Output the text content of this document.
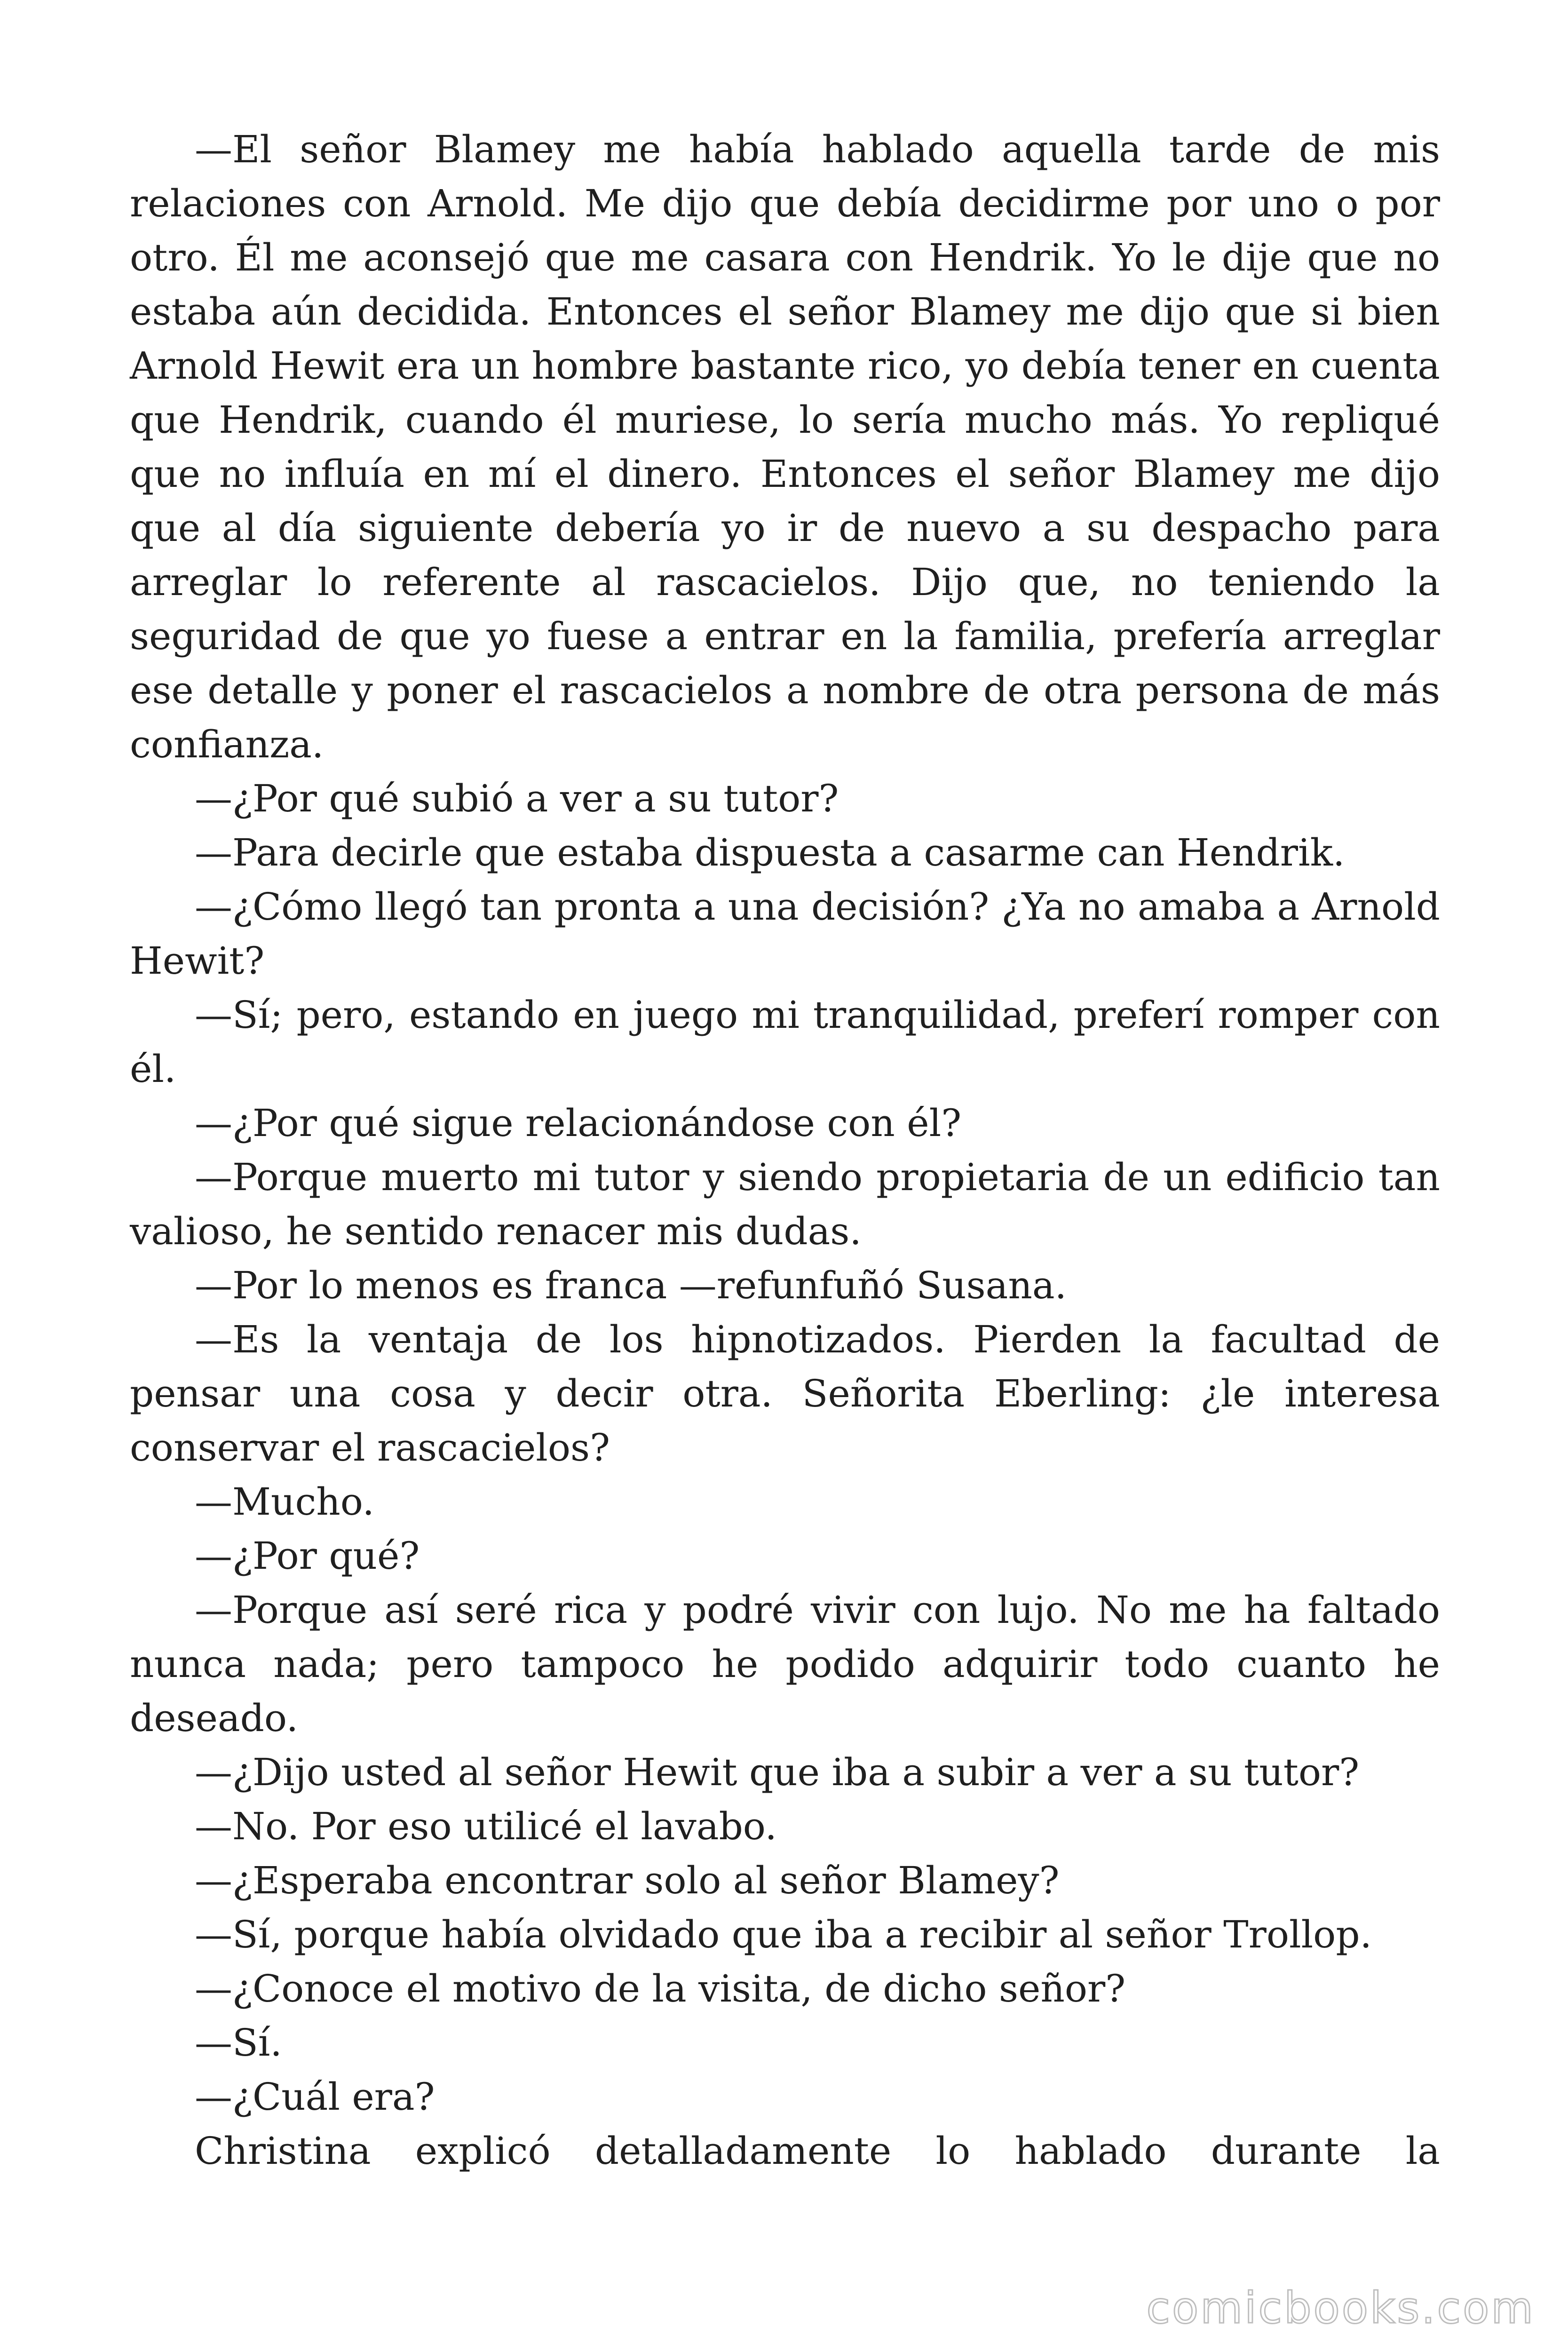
—El señor Blamey me había hablado aquella tarde de mis relaciones con Arnold. Me dijo que debía decidirme por uno o por otro. Él me aconsejó que me casara con Hendrik. Yo le dije que no estaba aún decidida. Entonces el señor Blamey me dijo que si bien Arnold Hewit era un hombre bastante rico, yo debía tener en cuenta que Hendrik, cuando él muriese, lo sería mucho más. Yo repliqué que no influía en mí el dinero. Entonces el señor Blamey me dijo que al día siguiente debería yo ir de nuevo a su despacho para arreglar lo referente al rascacielos. Dijo que, no teniendo la seguridad de que yo fuese a entrar en la familia, prefería arreglar ese detalle y poner el rascacielos a nombre de otra persona de más confianza.

—¿Por qué subió a ver a su tutor?

—Para decirle que estaba dispuesta a casarme can Hendrik.

—¿Cómo llegó tan pronta a una decisión? ¿Ya no amaba a Arnold Hewit?

—Sí; pero, estando en juego mi tranquilidad, preferí romper con él.

—¿Por qué sigue relacionándose con él?

—Porque muerto mi tutor y siendo propietaria de un edificio tan valioso, he sentido renacer mis dudas.

—Por lo menos es franca —refunfuñó Susana.

—Es la ventaja de los hipnotizados. Pierden la facultad de pensar una cosa y decir otra. Señorita Eberling: ¿le interesa conservar el rascacielos?

—Mucho.

—¿Por qué?

—Porque así seré rica y podré vivir con lujo. No me ha faltado nunca nada; pero tampoco he podido adquirir todo cuanto he deseado.

—¿Dijo usted al señor Hewit que iba a subir a ver a su tutor?

—No. Por eso utilicé el lavabo.

—¿Esperaba encontrar solo al señor Blamey?

—Sí, porque había olvidado que iba a recibir al señor Trollop.

—¿Conoce el motivo de la visita, de dicho señor?

—Sí.

—¿Cuál era?

Christina explicó detalladamente lo hablado durante la

comicbooks.com
